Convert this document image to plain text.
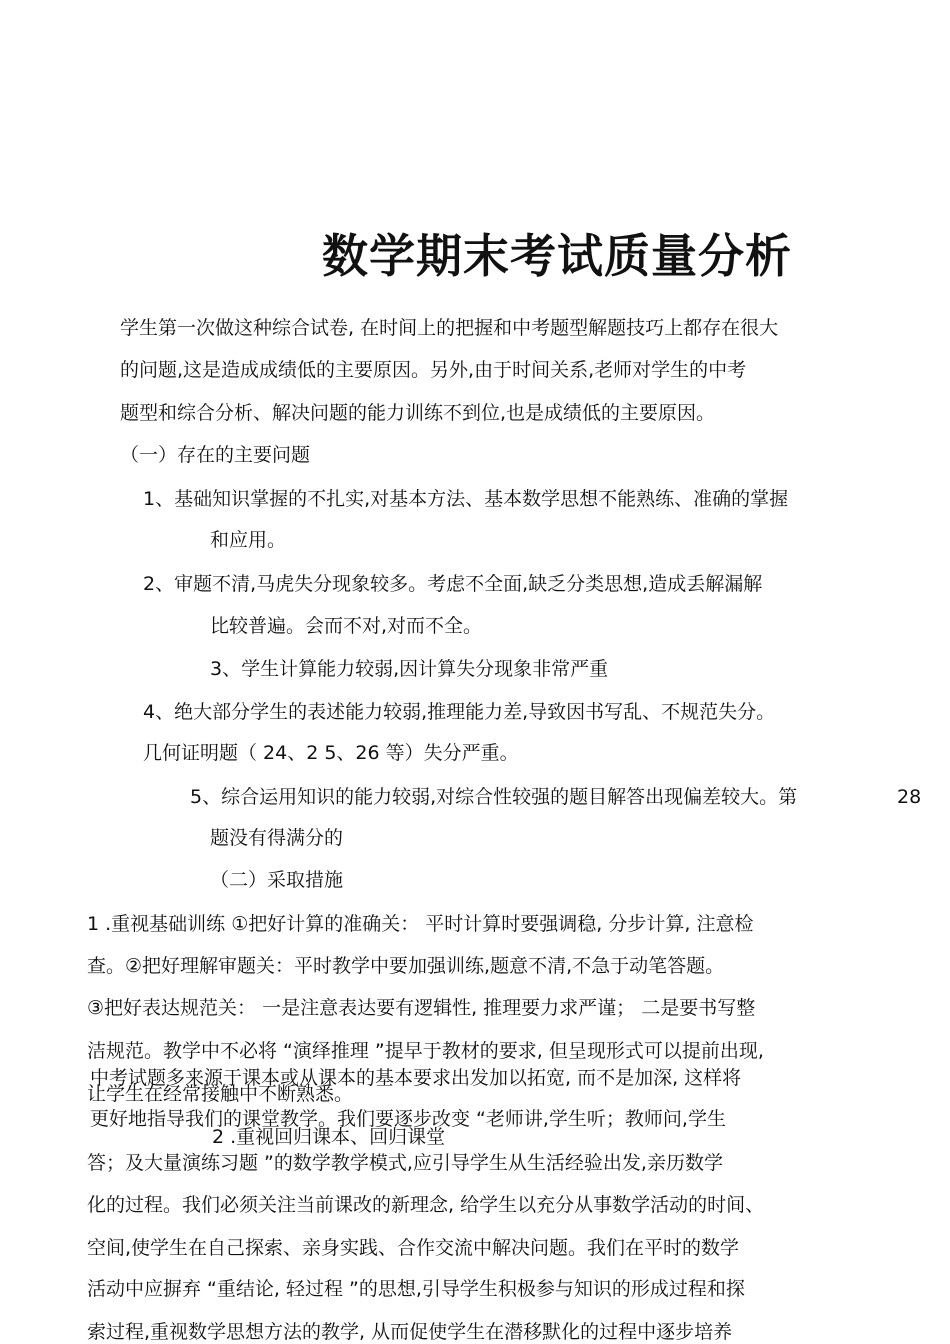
数学期末考试质量分析
学生第一次做这种综合试卷, 在时间上的把握和中考题型解题技巧上都存在很大
的问题,这是造成成绩低的主要原因。另外,由于时间关系,老师对学生的中考
题型和综合分析、解决问题的能力训练不到位,也是成绩低的主要原因。
（一）存在的主要问题
1、基础知识掌握的不扎实,对基本方法、基本数学思想不能熟练、准确的掌握
和应用。
2、审题不清,马虎失分现象较多。考虑不全面,缺乏分类思想,造成丢解漏解
比较普遍。会而不对,对而不全。
3、学生计算能力较弱,因计算失分现象非常严重
4、绝大部分学生的表述能力较弱,推理能力差,导致因书写乱、不规范失分。
几何证明题（ 24、2 5、26 等）失分严重。
5、综合运用知识的能力较弱,对综合性较强的题目解答出现偏差较大。第	28
题没有得满分的
（二）采取措施
1 .重视基础训练 ①把好计算的准确关： 平时计算时要强调稳, 分步计算, 注意检
查。②把好理解审题关：平时教学中要加强训练,题意不清,不急于动笔答题。
③把好表达规范关： 一是注意表达要有逻辑性, 推理要力求严谨； 二是要书写整
洁规范。教学中不必将 “演绎推理 ”提早于教材的要求, 但呈现形式可以提前出现,
让学生在经常接触中不断熟悉。
中考试题多来源于课本或从课本的基本要求出发加以拓宽, 而不是加深, 这样将
更好地指导我们的课堂教学。我们要逐步改变 “老师讲,学生听；教师问,学生
2 .重视回归课本、回归课堂
答；及大量演练习题 ”的数学教学模式,应引导学生从生活经验出发,亲历数学
化的过程。我们必须关注当前课改的新理念, 给学生以充分从事数学活动的时间、
空间,使学生在自己探索、亲身实践、合作交流中解决问题。我们在平时的数学
活动中应摒弃 “重结论, 轻过程 ”的思想,引导学生积极参与知识的形成过程和探
索过程,重视数学思想方法的教学, 从而促使学生在潜移默化的过程中逐步培养
